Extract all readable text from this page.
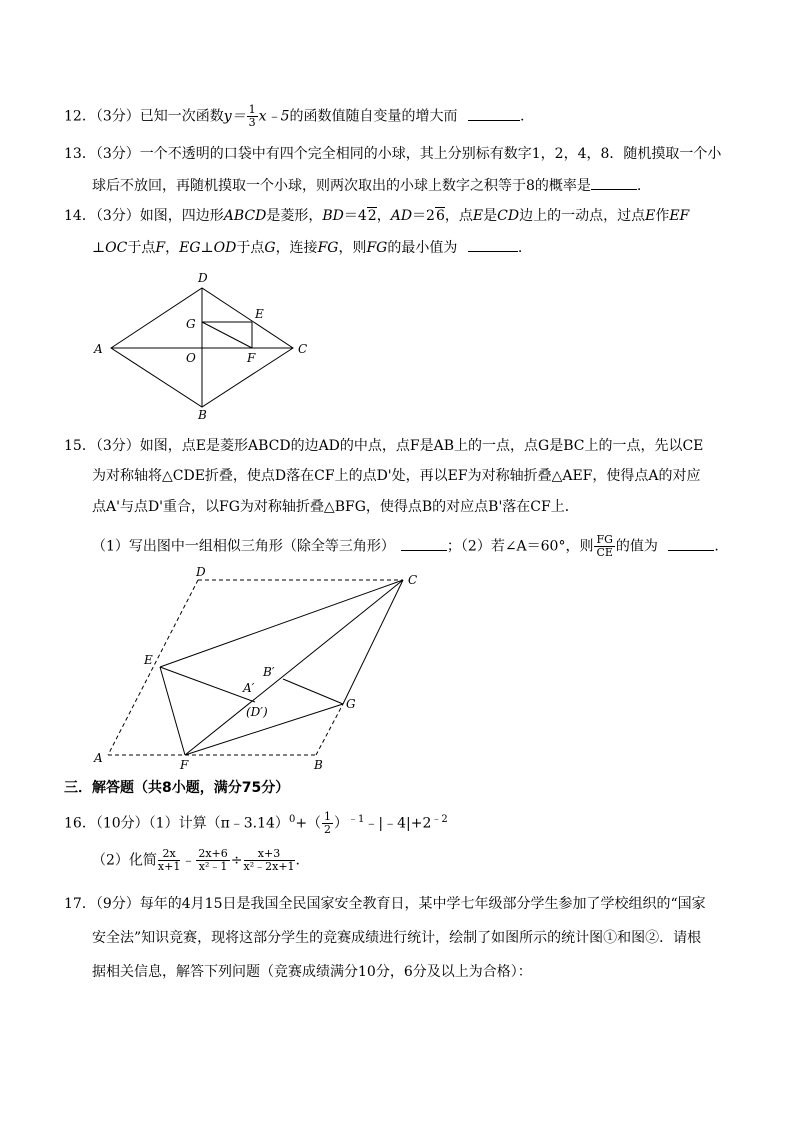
12．（3分）已知一次函数$y= \frac{1}{3}$ x﹣5的函数值随自变量的增大而	.
13．（3分）一个不透明的口袋中有四个完全相同的小球，其上分别标有数字1，2，4，8．随机摸取一个小
球后不放回，再随机摸取一个小球，则两次取出的小球上数字之积等于8的概率是	.
14．（3分）如图，四边形ABCD是菱形，BD＝42，AD＝26，点E是CD边上的一动点，过点E作EF
⊥OC于点F，EG⊥OD于点G，连接FG，则FG的最小值为	.
A
D
C
B
G
E
O	F
15．（3分）如图，点E是菱形ABCD的边AD的中点，点F是AB上的一点，点G是BC上的一点，先以CE
为对称轴将△CDE折叠，使点D落在CF上的点D'处，再以EF为对称轴折叠△AEF，使得点A的对应
点A'与点D'重合，以FG为对称轴折叠△BFG，使得点B的对应点B'落在CF上．
（1）写出图中一组相似三角形（除全等三角形）	；（2）若∠A＝60°，则 $\frac{FG}{CE}$ 的值为	.
D
C
E
B′
A′
(D′)
G
A	F	B
三．解答题（共8小题，满分75分）
16．（10分）（1）计算（π﹣3.14）$^0$+（ $\frac{1}{2}$ ）$^{﹣1}﹣|﹣4|+2^{﹣2}$
（2）化简 $\frac{2x}{x+1}$ ﹣ $\frac{2x+6}{\text{x²﹣1}} \div \frac{x+3}{\text{x²﹣2x+1}}$ .
17．（9分）每年的4月15日是我国全民国家安全教育日，某中学七年级部分学生参加了学校组织的“国家
安全法”知识竞赛，现将这部分学生的竞赛成绩进行统计，绘制了如图所示的统计图①和图②．请根
据相关信息，解答下列问题（竞赛成绩满分10分，6分及以上为合格）：
